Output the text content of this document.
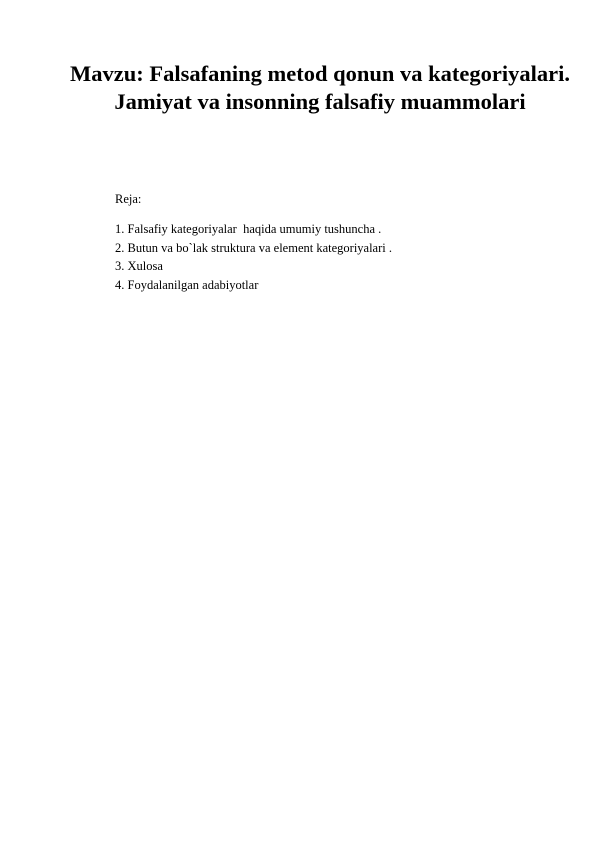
Mavzu: Falsafaning metod qonun va kategoriyalari. Jamiyat va insonning falsafiy muammolari

Reja:

1. Falsafiy kategoriyalar  haqida umumiy tushuncha .
2. Butun va bo`lak struktura va element kategoriyalari .
3. Xulosa
4. Foydalanilgan adabiyotlar
